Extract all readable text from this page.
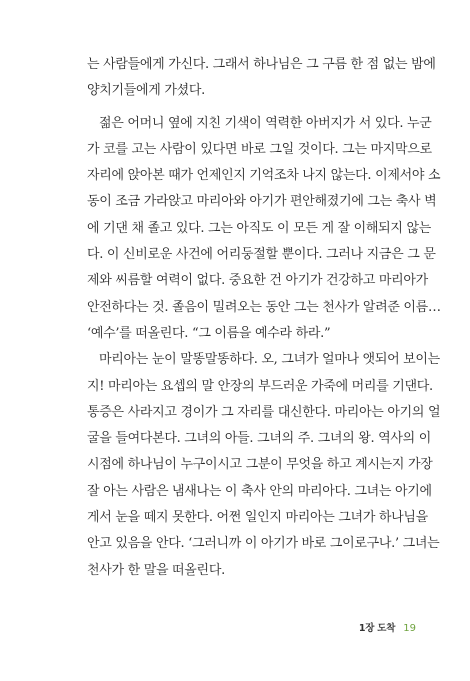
는 사람들에게 가신다. 그래서 하나님은 그 구름 한 점 없는 밤에
양치기들에게 가셨다.
젊은 어머니 옆에 지친 기색이 역력한 아버지가 서 있다. 누군
가 코를 고는 사람이 있다면 바로 그일 것이다. 그는 마지막으로
자리에 앉아본 때가 언제인지 기억조차 나지 않는다. 이제서야 소
동이 조금 가라앉고 마리아와 아기가 편안해졌기에 그는 축사 벽
에 기댄 채 졸고 있다. 그는 아직도 이 모든 게 잘 이해되지 않는
다. 이 신비로운 사건에 어리둥절할 뿐이다. 그러나 지금은 그 문
제와 씨름할 여력이 없다. 중요한 건 아기가 건강하고 마리아가
안전하다는 것. 졸음이 밀려오는 동안 그는 천사가 알려준 이름…
‘예수’를 떠올린다. “그 이름을 예수라 하라.”
마리아는 눈이 말똥말똥하다. 오, 그녀가 얼마나 앳되어 보이는
지! 마리아는 요셉의 말 안장의 부드러운 가죽에 머리를 기댄다.
통증은 사라지고 경이가 그 자리를 대신한다. 마리아는 아기의 얼
굴을 들여다본다. 그녀의 아들. 그녀의 주. 그녀의 왕. 역사의 이
시점에 하나님이 누구이시고 그분이 무엇을 하고 계시는지 가장
잘 아는 사람은 냄새나는 이 축사 안의 마리아다. 그녀는 아기에
게서 눈을 떼지 못한다. 어쩐 일인지 마리아는 그녀가 하나님을
안고 있음을 안다. ‘그러니까 이 아기가 바로 그이로구나.’ 그녀는
천사가 한 말을 떠올린다.
1장 도착 19
